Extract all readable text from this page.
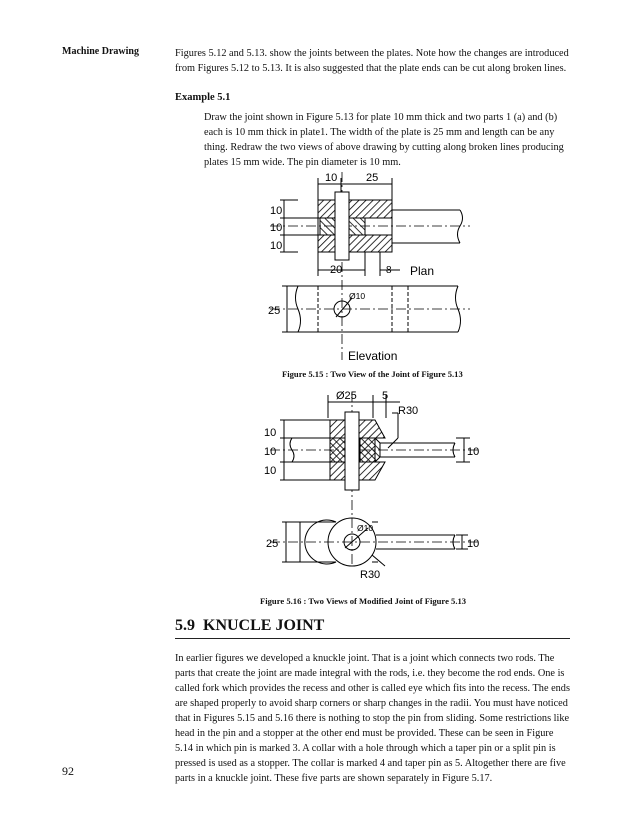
Machine Drawing	Figures 5.12 and 5.13. show the joints between the plates. Note how the changes are introduced from Figures 5.12 to 5.13. It is also suggested that the plate ends can be cut along broken lines.
Example 5.1
Draw the joint shown in Figure 5.13 for plate 10 mm thick and two parts 1 (a) and (b) each is 10 mm thick in plate1. The width of the plate is 25 mm and length can be any thing. Redraw the two views of above drawing by cutting along broken lines producing plates 15 mm wide. The pin diameter is 10 mm.
10	25
10
10
10
20	8 Plan
25
Ø10
Elevation
Ø25 5
R30
10
10
10
10
25	10
Ø10
R30
Figure 5.15 : Two View of the Joint of Figure 5.13
Figure 5.16 : Two Views of Modified Joint of Figure 5.13
5.9 KNUCLE JOINT
In earlier figures we developed a knuckle joint. That is a joint which connects two rods. The parts that create the joint are made integral with the rods, i.e. they become the rod ends. One is called fork which provides the recess and other is called eye which fits into the recess. The ends are shaped properly to avoid sharp corners or sharp changes in the radii. You must have noticed that in Figures 5.15 and 5.16 there is nothing to stop the pin from sliding. Some restrictions like head in the pin and a stopper at the other end must be provided. These can be seen in Figure 5.14 in which pin is marked 3. A collar with a hole through which a taper pin or a split pin is pressed is used as a stopper. The collar is marked 4 and taper pin as 5. Altogether there are five parts in a knuckle joint. These five parts are shown separately in Figure 5.17.
92
